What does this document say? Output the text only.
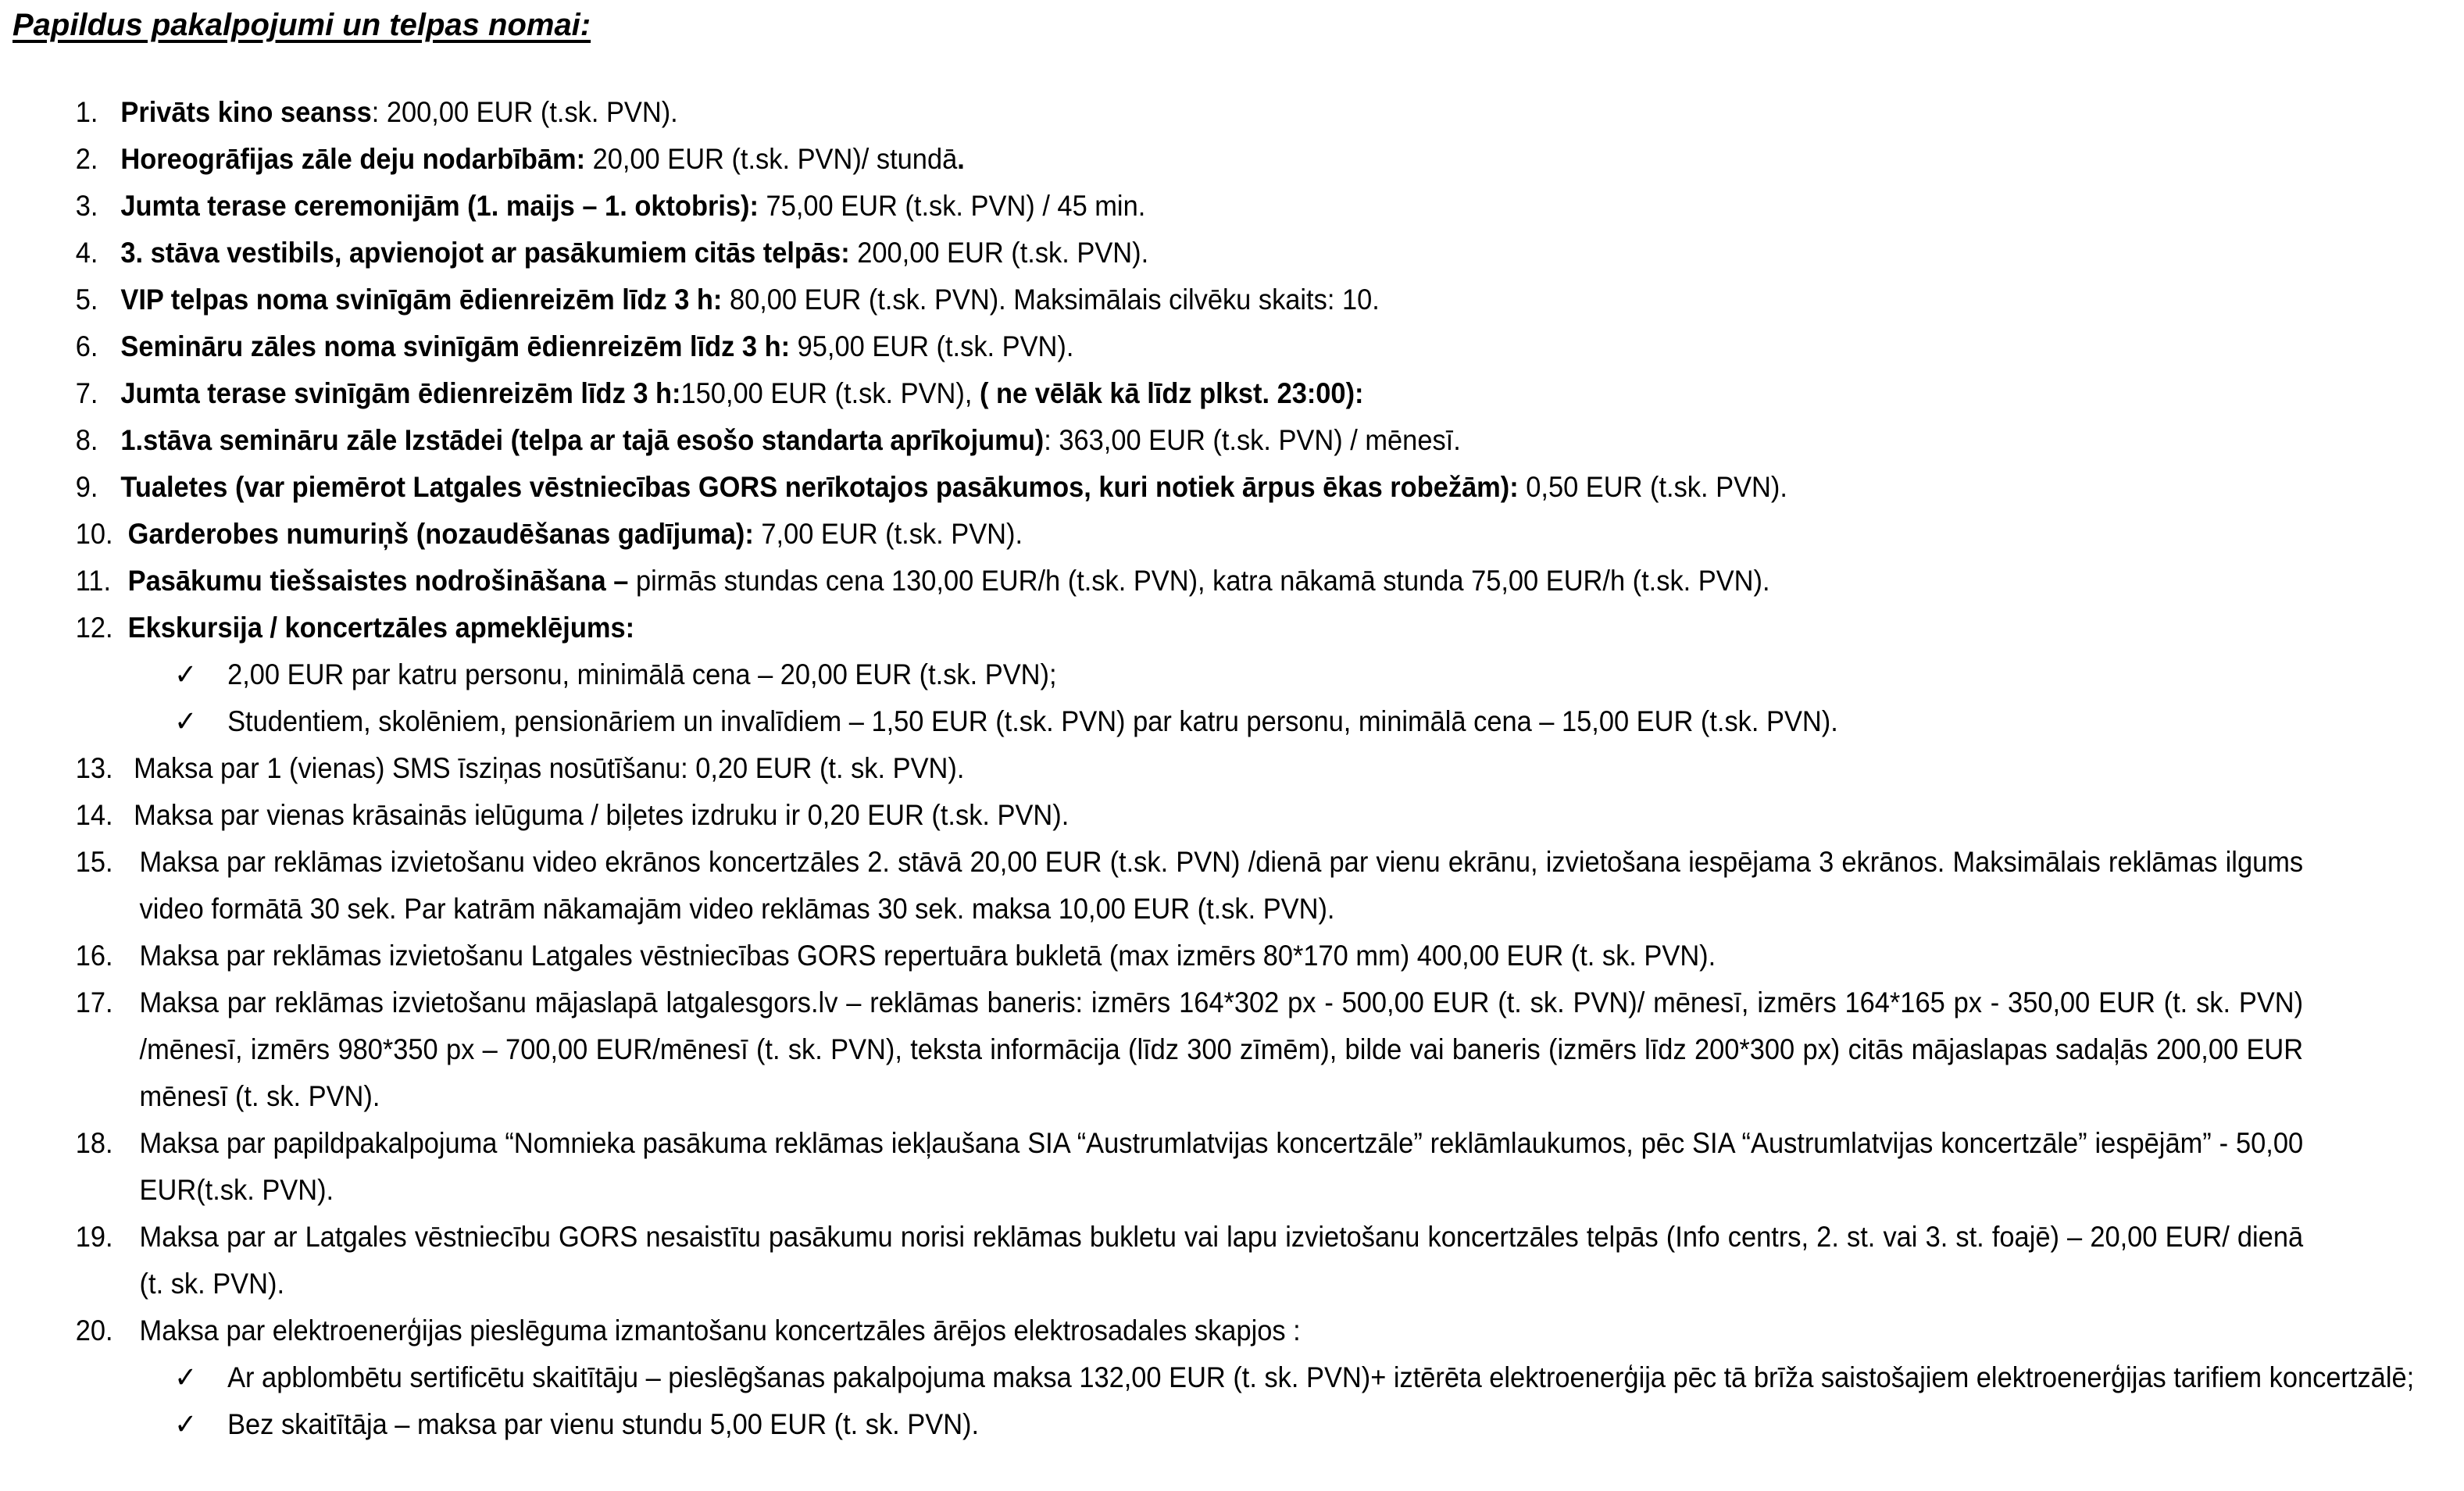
Papildus pakalpojumi un telpas nomai:
1. Privāts kino seanss: 200,00 EUR (t.sk. PVN).
2. Horeogrāfijas zāle deju nodarbībām: 20,00 EUR (t.sk. PVN)/ stundā.
3. Jumta terase ceremonijām (1. maijs – 1. oktobris): 75,00 EUR (t.sk. PVN) / 45 min.
4. 3. stāva vestibils, apvienojot ar pasākumiem citās telpās: 200,00 EUR (t.sk. PVN).
5. VIP telpas noma svinīgām ēdienreizēm līdz 3 h: 80,00 EUR (t.sk. PVN). Maksimālais cilvēku skaits: 10.
6. Semināru zāles noma svinīgām ēdienreizēm līdz 3 h: 95,00 EUR (t.sk. PVN).
7. Jumta terase svinīgām ēdienreizēm līdz 3 h:150,00 EUR (t.sk. PVN), ( ne vēlāk kā līdz plkst. 23:00):
8. 1.stāva semināru zāle Izstādei (telpa ar tajā esošo standarta aprīkojumu): 363,00 EUR (t.sk. PVN) / mēnesī.
9. Tualetes (var piemērot Latgales vēstniecības GORS nerīkotajos pasākumos, kuri notiek ārpus ēkas robežām): 0,50 EUR (t.sk. PVN).
10. Garderobes numuriņš (nozaudēšanas gadījuma): 7,00 EUR (t.sk. PVN).
11. Pasākumu tiešsaistes nodrošināšana – pirmās stundas cena 130,00 EUR/h (t.sk. PVN), katra nākamā stunda 75,00 EUR/h (t.sk. PVN).
12. Ekskursija / koncertzāles apmeklējums:
✓ 2,00 EUR par katru personu, minimālā cena – 20,00 EUR (t.sk. PVN);
✓ Studentiem, skolēniem, pensionāriem un invalīdiem – 1,50 EUR (t.sk. PVN) par katru personu, minimālā cena – 15,00 EUR (t.sk. PVN).
13. Maksa par 1 (vienas) SMS īsziņas nosūtīšanu: 0,20 EUR (t. sk. PVN).
14. Maksa par vienas krāsainās ielūguma / biļetes izdruku ir 0,20 EUR (t.sk. PVN).
15. Maksa par reklāmas izvietošanu video ekrānos koncertzāles 2. stāvā 20,00 EUR (t.sk. PVN) /dienā par vienu ekrānu, izvietošana iespējama 3 ekrānos. Maksimālais reklāmas ilgums video formātā 30 sek. Par katrām nākamajām video reklāmas 30 sek. maksa 10,00 EUR (t.sk. PVN).
16. Maksa par reklāmas izvietošanu Latgales vēstniecības GORS repertuāra bukletā (max izmērs 80*170 mm) 400,00 EUR (t. sk. PVN).
17. Maksa par reklāmas izvietošanu mājaslapā latgalesgors.lv – reklāmas baneris: izmērs 164*302 px - 500,00 EUR (t. sk. PVN)/ mēnesī, izmērs 164*165 px - 350,00 EUR (t. sk. PVN) /mēnesī, izmērs 980*350 px – 700,00 EUR/mēnesī (t. sk. PVN), teksta informācija (līdz 300 zīmēm), bilde vai baneris (izmērs līdz 200*300 px) citās mājaslapas sadaļās 200,00 EUR mēnesī (t. sk. PVN).
18. Maksa par papildpakalpojuma “Nomnieka pasākuma reklāmas iekļaušana SIA “Austrumlatvijas koncertzāle” reklāmlaukumos, pēc SIA “Austrumlatvijas koncertzāle” iespējām” - 50,00 EUR(t.sk. PVN).
19. Maksa par ar Latgales vēstniecību GORS nesaistītu pasākumu norisi reklāmas bukletu vai lapu izvietošanu koncertzāles telpās (Info centrs, 2. st. vai 3. st. foajē) – 20,00 EUR/ dienā (t. sk. PVN).
20. Maksa par elektroenerģijas pieslēguma izmantošanu koncertzāles ārējos elektrosadales skapjos :
✓ Ar apblombētu sertificētu skaitītāju – pieslēgšanas pakalpojuma maksa 132,00 EUR (t. sk. PVN)+ iztērēta elektroenerģija pēc tā brīža saistošajiem elektroenerģijas tarifiem koncertzālē;
✓ Bez skaitītāja – maksa par vienu stundu 5,00 EUR (t. sk. PVN).
